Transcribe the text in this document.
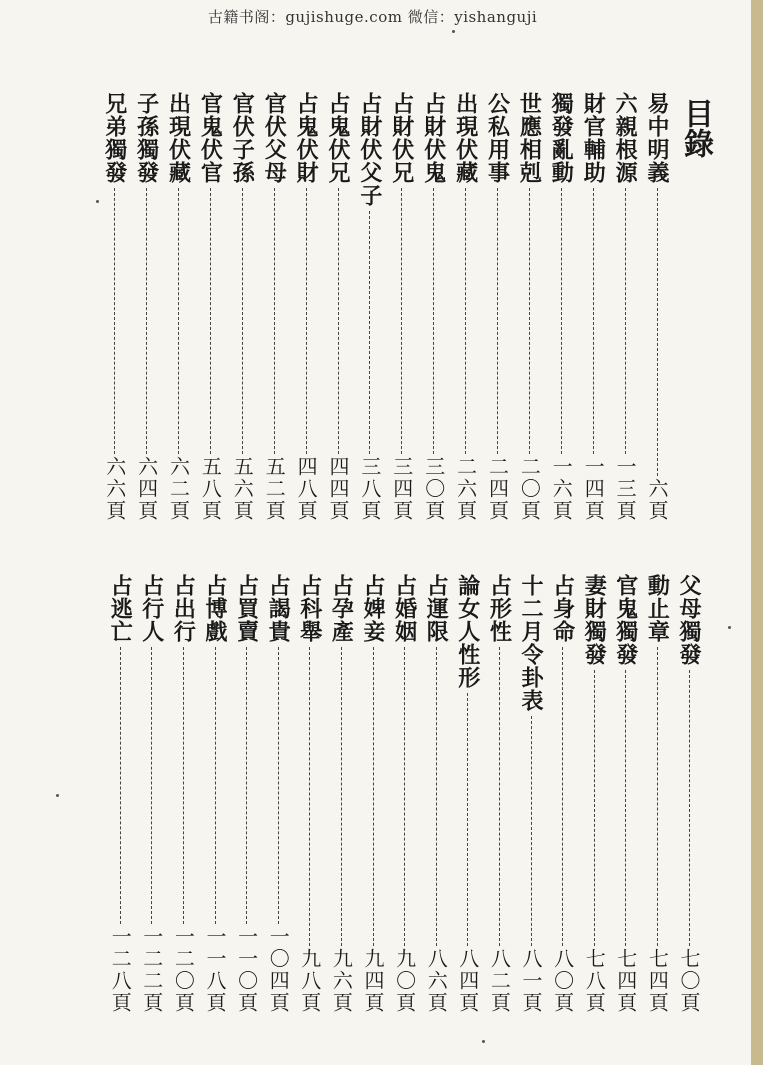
古籍书阁：gujishuge.com 微信：yishanguji
目錄
易中明義
六頁
六親根源
一三頁
財官輔助
一四頁
獨發亂動
一六頁
世應相剋
二〇頁
公私用事
二四頁
出現伏藏
二六頁
占財伏鬼
三〇頁
占財伏兄
三四頁
占財伏父子
三八頁
占鬼伏兄
四四頁
占鬼伏財
四八頁
官伏父母
五二頁
官伏子孫
五六頁
官鬼伏官
五八頁
出現伏藏
六二頁
子孫獨發
六四頁
兄弟獨發
六六頁
父母獨發
七〇頁
動止章
七四頁
官鬼獨發
七四頁
妻財獨發
七八頁
占身命
八〇頁
十二月令卦表
八一頁
占形性
八二頁
論女人性形
八四頁
占運限
八六頁
占婚姻
九〇頁
占婢妾
九四頁
占孕產
九六頁
占科舉
九八頁
占謁貴
一〇四頁
占買賣
一一〇頁
占博戲
一一八頁
占出行
一二〇頁
占行人
一二二頁
占逃亡
一二八頁
